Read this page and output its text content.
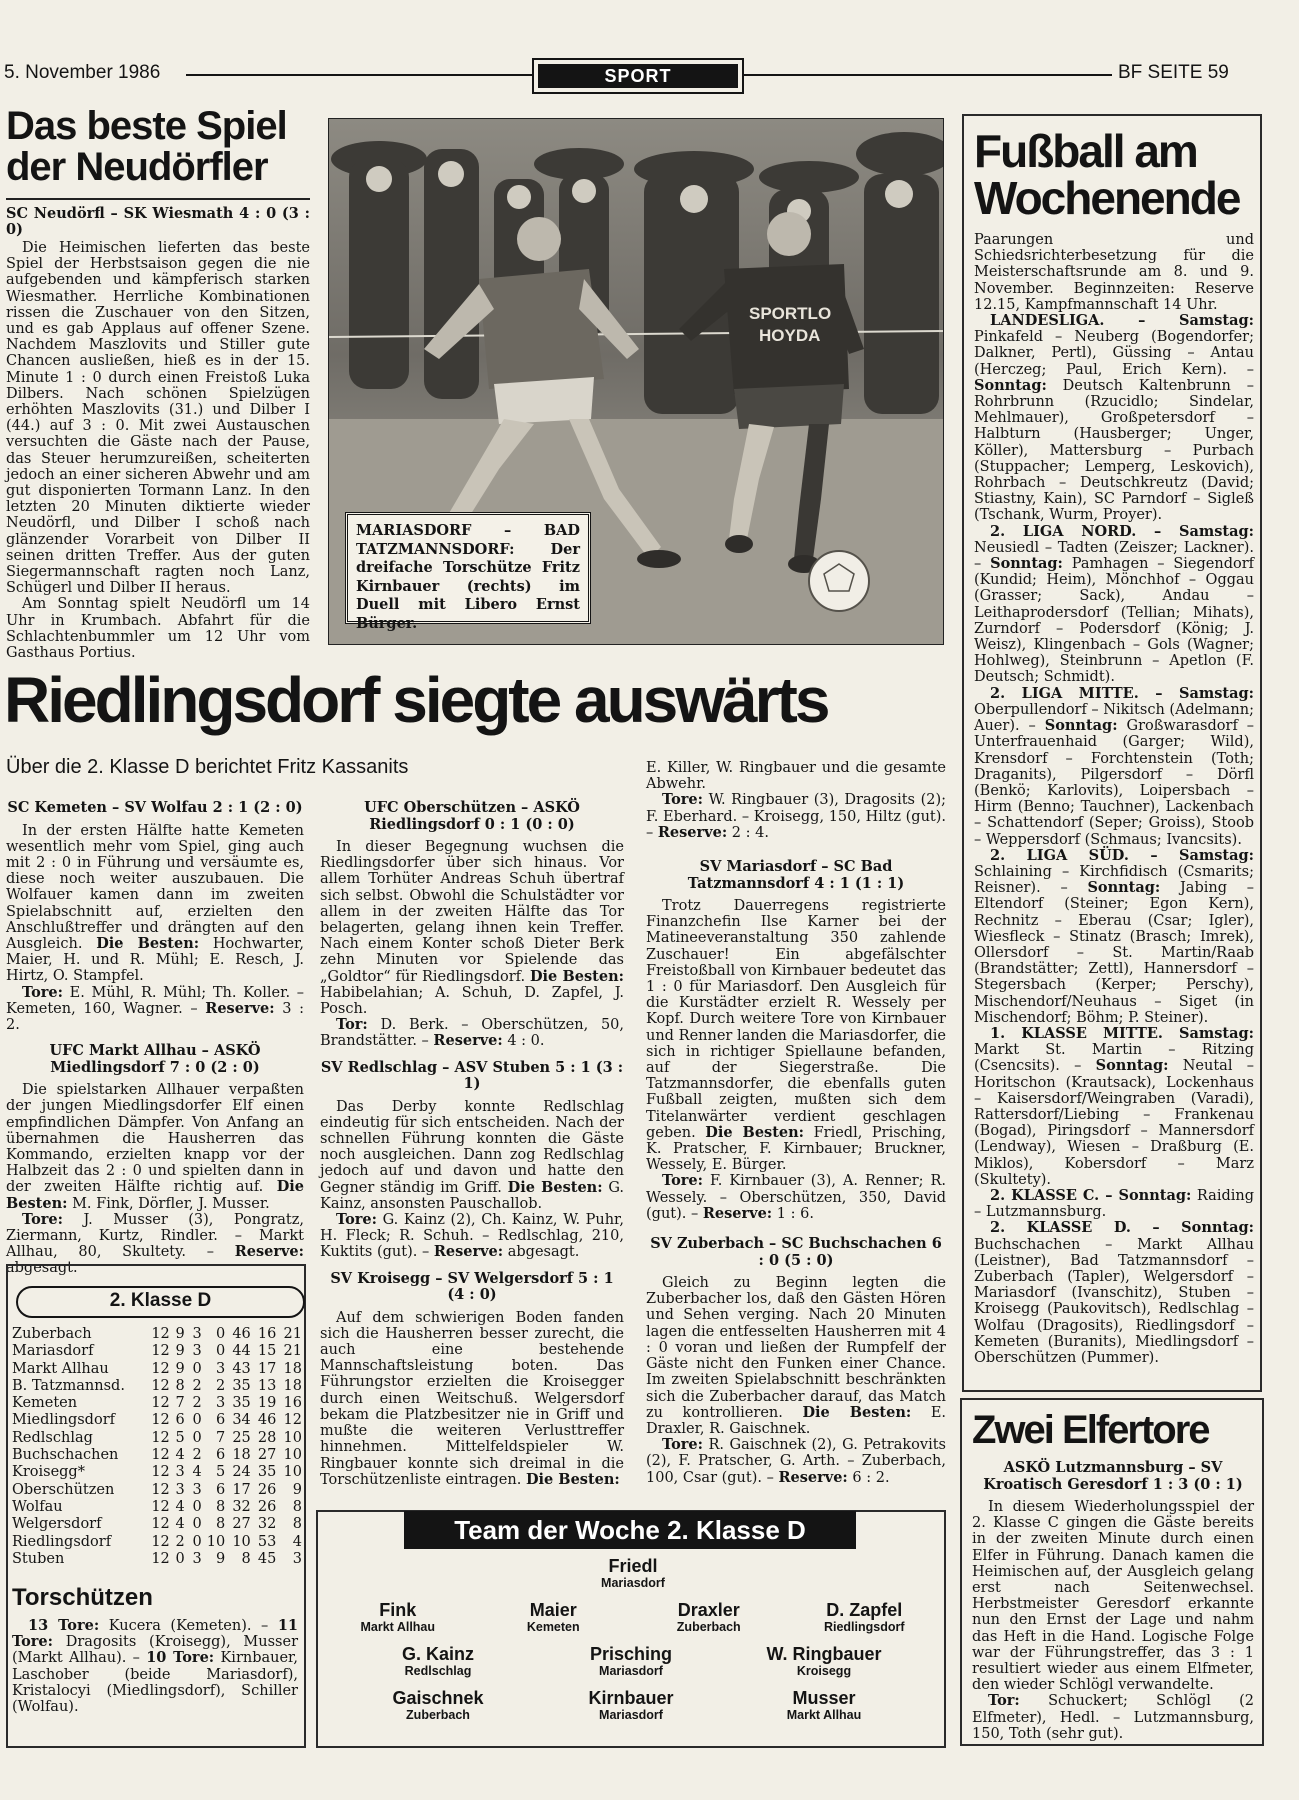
5. November 1986	SPORT	BF SEITE 59
Das beste Spiel
der Neudörfler
SC Neudörfl – SK Wiesmath 4 : 0 (3 : 0)

Die Heimischen lieferten das beste Spiel der Herbstsaison gegen die nie aufgebenden und kämpferisch starken Wiesmather. Herrliche Kombinationen rissen die Zuschauer von den Sitzen, und es gab Applaus auf offener Szene. Nachdem Maszlovits und Stiller gute Chancen ausließen, hieß es in der 15. Minute 1 : 0 durch einen Freistoß Luka Dilbers. Nach schönen Spielzügen erhöhten Maszlovits (31.) und Dilber I (44.) auf 3 : 0. Mit zwei Austauschen versuchten die Gäste nach der Pause, das Steuer herumzureißen, scheiterten jedoch an einer sicheren Abwehr und am gut disponierten Tormann Lanz. In den letzten 20 Minuten diktierte wieder Neudörfl, und Dilber I schoß nach glänzender Vorarbeit von Dilber II seinen dritten Treffer. Aus der guten Siegermannschaft ragten noch Lanz, Schügerl und Dilber II heraus.

Am Sonntag spielt Neudörfl um 14 Uhr in Krumbach. Abfahrt für die Schlachtenbummler um 12 Uhr vom Gasthaus Portius.

SPORTLO
HOYDA
MARIASDORF – BAD TATZMANNSDORF: Der dreifache Torschütze Fritz Kirnbauer (rechts) im Duell mit Libero Ernst Bürger.
Riedlingsdorf siegte auswärts
Über die 2. Klasse D berichtet Fritz Kassanits
SC Kemeten – SV Wolfau 2 : 1 (2 : 0)

In der ersten Hälfte hatte Kemeten wesentlich mehr vom Spiel, ging auch mit 2 : 0 in Führung und versäumte es, diese noch weiter auszubauen. Die Wolfauer kamen dann im zweiten Spielabschnitt auf, erzielten den Anschlußtreffer und drängten auf den Ausgleich. Die Besten: Hochwarter, Maier, H. und R. Mühl; E. Resch, J. Hirtz, O. Stampfel.

Tore: E. Mühl, R. Mühl; Th. Koller. – Kemeten, 160, Wagner. – Reserve: 3 : 2.

UFC Markt Allhau – ASKÖ Miedlingsdorf 7 : 0 (2 : 0)

Die spielstarken Allhauer verpaßten der jungen Miedlingsdorfer Elf einen empfindlichen Dämpfer. Von Anfang an übernahmen die Hausherren das Kommando, erzielten knapp vor der Halbzeit das 2 : 0 und spielten dann in der zweiten Hälfte richtig auf. Die Besten: M. Fink, Dörfler, J. Musser.

Tore: J. Musser (3), Pongratz, Ziermann, Kurtz, Rindler. – Markt Allhau, 80, Skultety. – Reserve: abgesagt.

UFC Oberschützen – ASKÖ Riedlingsdorf 0 : 1 (0 : 0)

In dieser Begegnung wuchsen die Riedlingsdorfer über sich hinaus. Vor allem Torhüter Andreas Schuh übertraf sich selbst. Obwohl die Schulstädter vor allem in der zweiten Hälfte das Tor belagerten, gelang ihnen kein Treffer. Nach einem Konter schoß Dieter Berk zehn Minuten vor Spielende das „Goldtor“ für Riedlingsdorf. Die Besten: Habibelahian; A. Schuh, D. Zapfel, J. Posch.

Tor: D. Berk. – Oberschützen, 50, Brandstätter. – Reserve: 4 : 0.

SV Redlschlag – ASV Stuben 5 : 1 (3 : 1)

Das Derby konnte Redlschlag eindeutig für sich entscheiden. Nach der schnellen Führung konnten die Gäste noch ausgleichen. Dann zog Redlschlag jedoch auf und davon und hatte den Gegner ständig im Griff. Die Besten: G. Kainz, ansonsten Pauschallob.

Tore: G. Kainz (2), Ch. Kainz, W. Puhr, H. Fleck; R. Schuh. – Redlschlag, 210, Kuktits (gut). – Reserve: abgesagt.

SV Kroisegg – SV Welgersdorf 5 : 1 (4 : 0)

Auf dem schwierigen Boden fanden sich die Hausherren besser zurecht, die auch eine bestehende Mannschaftsleistung boten. Das Führungstor erzielten die Kroisegger durch einen Weitschuß. Welgersdorf bekam die Platzbesitzer nie in Griff und mußte die weiteren Verlusttreffer hinnehmen. Mittelfeldspieler W. Ringbauer konnte sich dreimal in die Torschützenliste eintragen. Die Besten:

E. Killer, W. Ringbauer und die gesamte Abwehr.

Tore: W. Ringbauer (3), Dragosits (2); F. Eberhard. – Kroisegg, 150, Hiltz (gut). – Reserve: 2 : 4.

SV Mariasdorf – SC Bad Tatzmannsdorf 4 : 1 (1 : 1)

Trotz Dauerregens registrierte Finanzchefin Ilse Karner bei der Matineeveranstaltung 350 zahlende Zuschauer! Ein abgefälschter Freistoßball von Kirnbauer bedeutet das 1 : 0 für Mariasdorf. Den Ausgleich für die Kurstädter erzielt R. Wessely per Kopf. Durch weitere Tore von Kirnbauer und Renner landen die Mariasdorfer, die sich in richtiger Spiellaune befanden, auf der Siegerstraße. Die Tatzmannsdorfer, die ebenfalls guten Fußball zeigten, mußten sich dem Titelanwärter verdient geschlagen geben. Die Besten: Friedl, Prisching, K. Pratscher, F. Kirnbauer; Bruckner, Wessely, E. Bürger.

Tore: F. Kirnbauer (3), A. Renner; R. Wessely. – Oberschützen, 350, David (gut). – Reserve: 1 : 6.

SV Zuberbach – SC Buchschachen 6 : 0 (5 : 0)

Gleich zu Beginn legten die Zuberbacher los, daß den Gästen Hören und Sehen verging. Nach 20 Minuten lagen die entfesselten Hausherren mit 4 : 0 voran und ließen der Rumpfelf der Gäste nicht den Funken einer Chance. Im zweiten Spielabschnitt beschränkten sich die Zuberbacher darauf, das Match zu kontrollieren. Die Besten: E. Draxler, R. Gaischnek.

Tore: R. Gaischnek (2), G. Petrakovits (2), F. Pratscher, G. Arth. – Zuberbach, 100, Csar (gut). – Reserve: 6 : 2.

2. Klasse D
Zuberbach	12	9	3	0	46	16	21
Mariasdorf	12	9	3	0	44	15	21
Markt Allhau	12	9	0	3	43	17	18
B. Tatzmannsd.	12	8	2	2	35	13	18
Kemeten	12	7	2	3	35	19	16
Miedlingsdorf	12	6	0	6	34	46	12
Redlschlag	12	5	0	7	25	28	10
Buchschachen	12	4	2	6	18	27	10
Kroisegg*	12	3	4	5	24	35	10
Oberschützen	12	3	3	6	17	26	9
Wolfau	12	4	0	8	32	26	8
Welgersdorf	12	4	0	8	27	32	8
Riedlingsdorf	12	2	0	10	10	53	4
Stuben	12	0	3	9	8	45	3
Torschützen

13 Tore: Kucera (Kemeten). – 11 Tore: Dragosits (Kroisegg), Musser (Markt Allhau). – 10 Tore: Kirnbauer, Laschober (beide Mariasdorf), Kristalocyi (Miedlingsdorf), Schiller (Wolfau).

Team der Woche 2. Klasse D
Friedl
Mariasdorf
Fink
Markt Allhau
Maier
Kemeten
Draxler
Zuberbach
D. Zapfel
Riedlingsdorf
G. Kainz
Redlschlag
Prisching
Mariasdorf
W. Ringbauer
Kroisegg
Gaischnek
Zuberbach
Kirnbauer
Mariasdorf
Musser
Markt Allhau
Fußball am
Wochenende
Paarungen und Schiedsrichterbesetzung für die Meisterschaftsrunde am 8. und 9. November. Beginnzeiten: Reserve 12.15, Kampfmannschaft 14 Uhr.

LANDESLIGA. – Samstag: Pinkafeld – Neuberg (Bogendorfer; Dalkner, Pertl), Güssing – Antau (Herczeg; Paul, Erich Kern). – Sonntag: Deutsch Kaltenbrunn – Rohrbrunn (Rzucidlo; Sindelar, Mehlmauer), Großpetersdorf – Halbturn (Hausberger; Unger, Köller), Mattersburg – Purbach (Stuppacher; Lemperg, Leskovich), Rohrbach – Deutschkreutz (David; Stiastny, Kain), SC Parndorf – Sigleß (Tschank, Wurm, Proyer).

2. LIGA NORD. – Samstag: Neusiedl – Tadten (Zeiszer; Lackner). – Sonntag: Pamhagen – Siegendorf (Kundid; Heim), Mönchhof – Oggau (Grasser; Sack), Andau – Leithaprodersdorf (Tellian; Mihats), Zurndorf – Podersdorf (König; J. Weisz), Klingenbach – Gols (Wagner; Hohlweg), Steinbrunn – Apetlon (F. Deutsch; Schmidt).

2. LIGA MITTE. – Samstag: Oberpullendorf – Nikitsch (Adelmann; Auer). – Sonntag: Großwarasdorf – Unterfrauenhaid (Garger; Wild), Krensdorf – Forchtenstein (Toth; Draganits), Pilgersdorf – Dörfl (Benkö; Karlovits), Loipersbach – Hirm (Benno; Tauchner), Lackenbach – Schattendorf (Seper; Groiss), Stoob – Weppersdorf (Schmaus; Ivancsits).

2. LIGA SÜD. – Samstag: Schlaining – Kirchfidisch (Csmarits; Reisner). – Sonntag: Jabing – Eltendorf (Steiner; Egon Kern), Rechnitz – Eberau (Csar; Igler), Wiesfleck – Stinatz (Brasch; Imrek), Ollersdorf – St. Martin/Raab (Brandstätter; Zettl), Hannersdorf – Stegersbach (Kerper; Perschy), Mischendorf/Neuhaus – Siget (in Mischendorf; Böhm; P. Steiner).

1. KLASSE MITTE. Samstag: Markt St. Martin – Ritzing (Csencsits). – Sonntag: Neutal – Horitschon (Krautsack), Lockenhaus – Kaisersdorf/Weingraben (Varadi), Rattersdorf/Liebing – Frankenau (Bogad), Piringsdorf – Mannersdorf (Lendway), Wiesen – Draßburg (E. Miklos), Kobersdorf – Marz (Skultety).

2. KLASSE C. – Sonntag: Raiding – Lutzmannsburg.

2. KLASSE D. – Sonntag: Buchschachen – Markt Allhau (Leistner), Bad Tatzmannsdorf – Zuberbach (Tapler), Welgersdorf – Mariasdorf (Ivanschitz), Stuben – Kroisegg (Paukovitsch), Redlschlag – Wolfau (Dragosits), Riedlingsdorf – Kemeten (Buranits), Miedlingsdorf – Oberschützen (Pummer).

Zwei Elfertore
ASKÖ Lutzmannsburg – SV Kroatisch Geresdorf 1 : 3 (0 : 1)

In diesem Wiederholungsspiel der 2. Klasse C gingen die Gäste bereits in der zweiten Minute durch einen Elfer in Führung. Danach kamen die Heimischen auf, der Ausgleich gelang erst nach Seitenwechsel. Herbstmeister Geresdorf erkannte nun den Ernst der Lage und nahm das Heft in die Hand. Logische Folge war der Führungstreffer, das 3 : 1 resultiert wieder aus einem Elfmeter, den wieder Schlögl verwandelte.

Tor: Schuckert; Schlögl (2 Elfmeter), Hedl. – Lutzmannsburg, 150, Toth (sehr gut).
